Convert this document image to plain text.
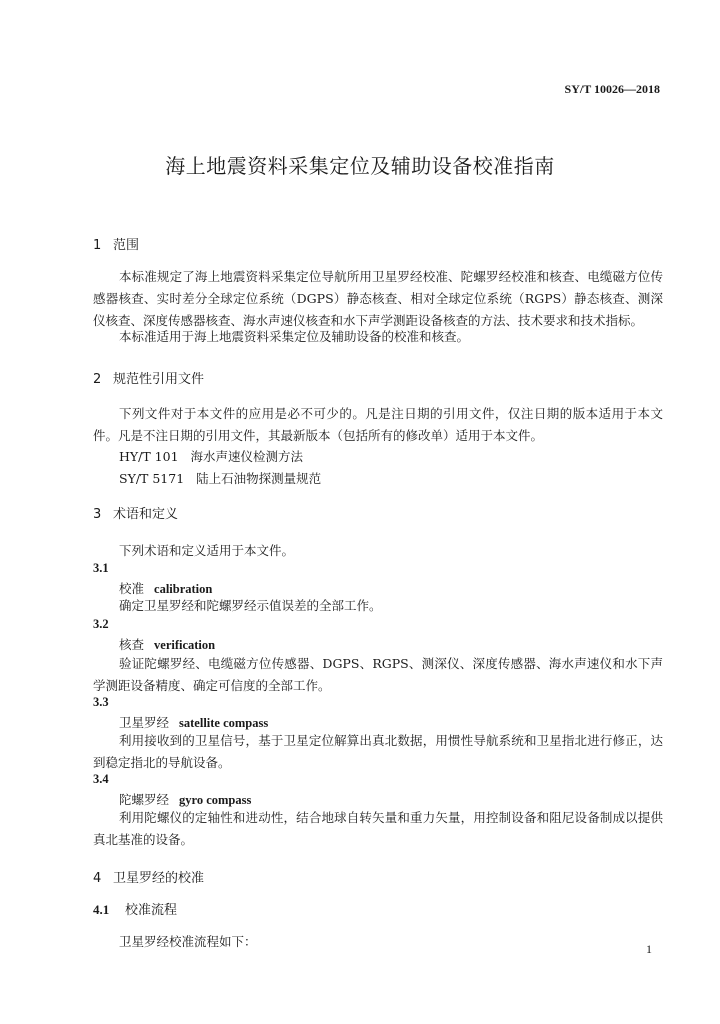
SY/T 10026—2018
海上地震资料采集定位及辅助设备校准指南
1 范围
本标准规定了海上地震资料采集定位导航所用卫星罗经校准、陀螺罗经校准和核查、电缆磁方位传感器核查、实时差分全球定位系统（DGPS）静态核查、相对全球定位系统（RGPS）静态核查、测深仪核查、深度传感器核查、海水声速仪核查和水下声学测距设备核查的方法、技术要求和技术指标。
本标准适用于海上地震资料采集定位及辅助设备的校准和核查。
2 规范性引用文件
下列文件对于本文件的应用是必不可少的。凡是注日期的引用文件，仅注日期的版本适用于本文件。凡是不注日期的引用文件，其最新版本（包括所有的修改单）适用于本文件。
HY/T 101 海水声速仪检测方法
SY/T 5171 陆上石油物探测量规范
3 术语和定义
下列术语和定义适用于本文件。
3.1
校准 calibration
确定卫星罗经和陀螺罗经示值误差的全部工作。
3.2
核查 verification
验证陀螺罗经、电缆磁方位传感器、DGPS、RGPS、测深仪、深度传感器、海水声速仪和水下声学测距设备精度、确定可信度的全部工作。
3.3
卫星罗经 satellite compass
利用接收到的卫星信号，基于卫星定位解算出真北数据，用惯性导航系统和卫星指北进行修正，达到稳定指北的导航设备。
3.4
陀螺罗经 gyro compass
利用陀螺仪的定轴性和进动性，结合地球自转矢量和重力矢量，用控制设备和阻尼设备制成以提供真北基准的设备。
4 卫星罗经的校准
4.1 校准流程
卫星罗经校准流程如下：	1
